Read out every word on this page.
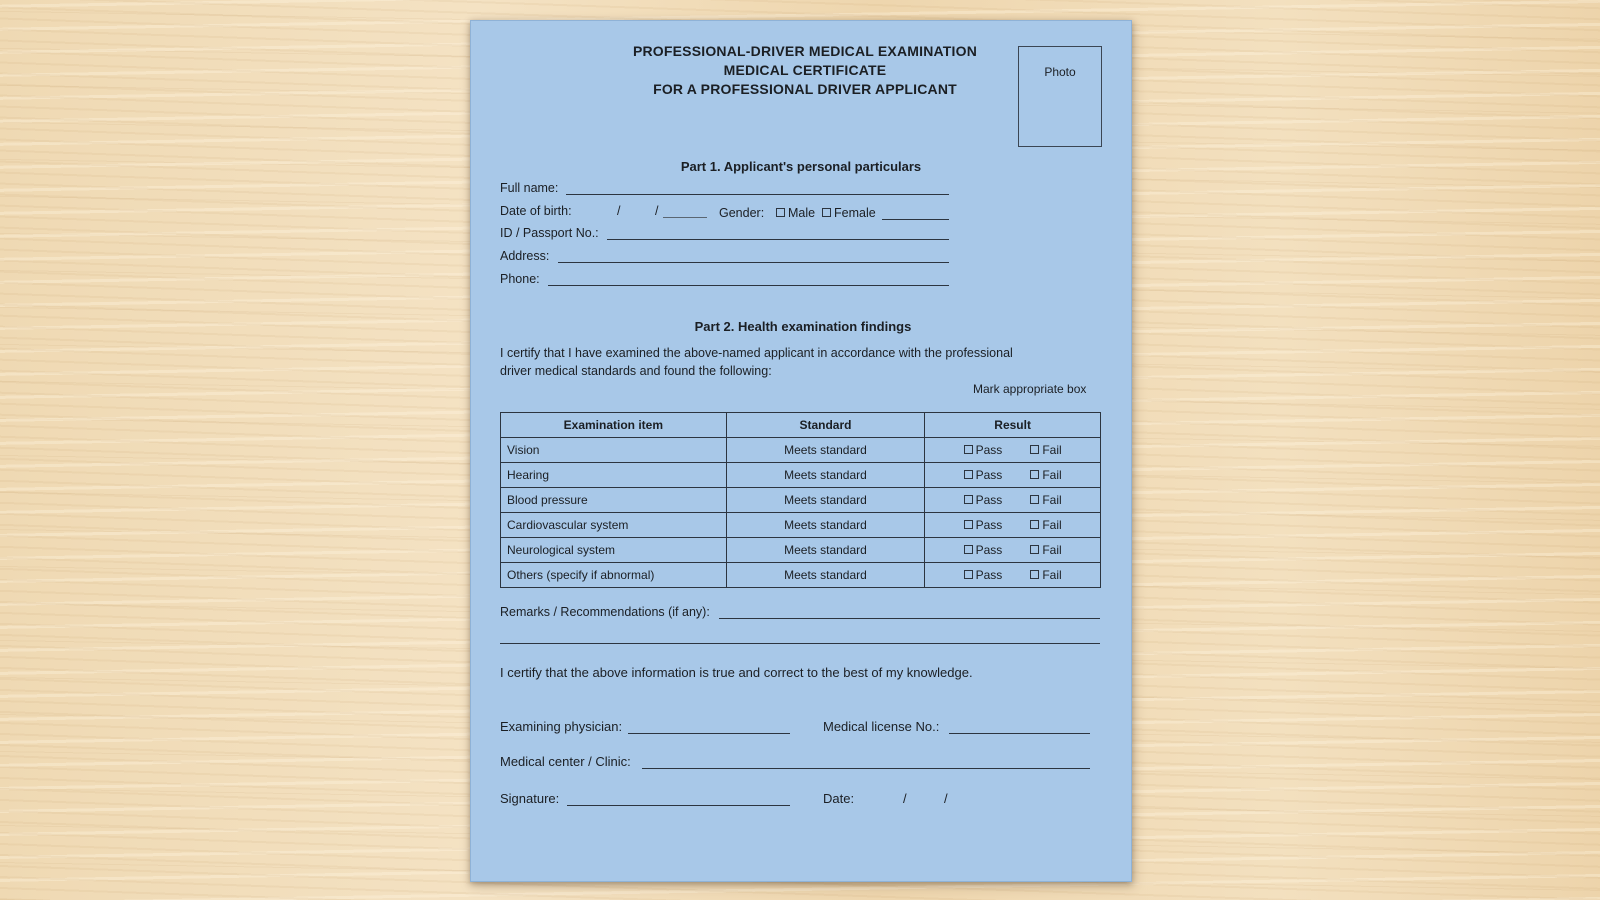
PROFESSIONAL-DRIVER MEDICAL EXAMINATION
MEDICAL CERTIFICATE
FOR A PROFESSIONAL DRIVER APPLICANT
Photo
Part 1. Applicant's personal particulars
Full name:
Date of birth:	/	/	Gender:	Male	Female
ID / Passport No.:
Address:
Phone:
Part 2. Health examination findings
I certify that I have examined the above-named applicant in accordance with the professional
driver medical standards and found the following:
Mark appropriate box
Examination item	Standard	Result
Vision	Meets standard	Pass Fail
Hearing	Meets standard	Pass Fail
Blood pressure	Meets standard	Pass Fail
Cardiovascular system	Meets standard	Pass Fail
Neurological system	Meets standard	Pass Fail
Others (specify if abnormal)	Meets standard	Pass Fail
Remarks / Recommendations (if any):
I certify that the above information is true and correct to the best of my knowledge.
Examining physician:	Medical license No.:
Medical center / Clinic:
Signature:	Date:	/	/
